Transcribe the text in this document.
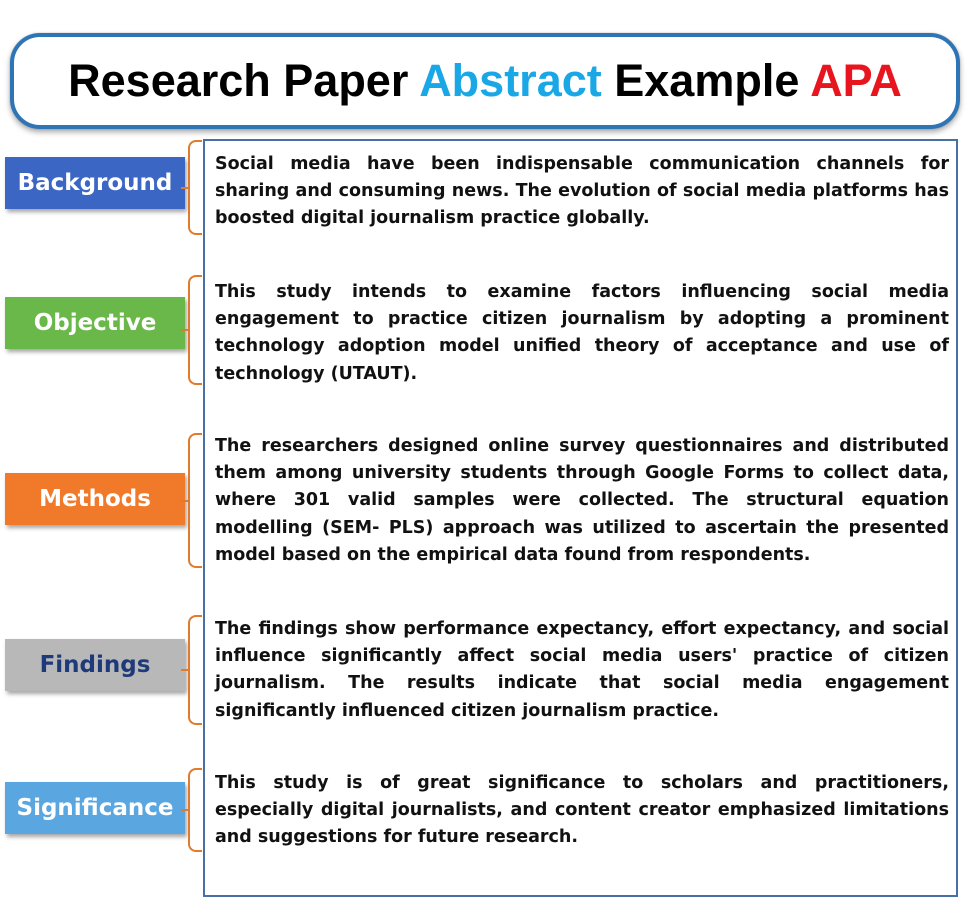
Research Paper Abstract Example APA
Background

Social media have been indispensable communication channels for sharing and consuming news. The evolution of social media platforms has boosted digital journalism practice globally.

Objective

This study intends to examine factors influencing social media engagement to practice citizen journalism by adopting a prominent technology adoption model unified theory of acceptance and use of technology (UTAUT).

Methods

The researchers designed online survey questionnaires and distributed them among university students through Google Forms to collect data, where 301 valid samples were collected. The structural equation modelling (SEM- PLS) approach was utilized to ascertain the presented model based on the empirical data found from respondents.

Findings

The findings show performance expectancy, effort expectancy, and social influence significantly affect social media users' practice of citizen journalism. The results indicate that social media engagement significantly influenced citizen journalism practice.

Significance

This study is of great significance to scholars and practitioners, especially digital journalists, and content creator emphasized limitations and suggestions for future research.
